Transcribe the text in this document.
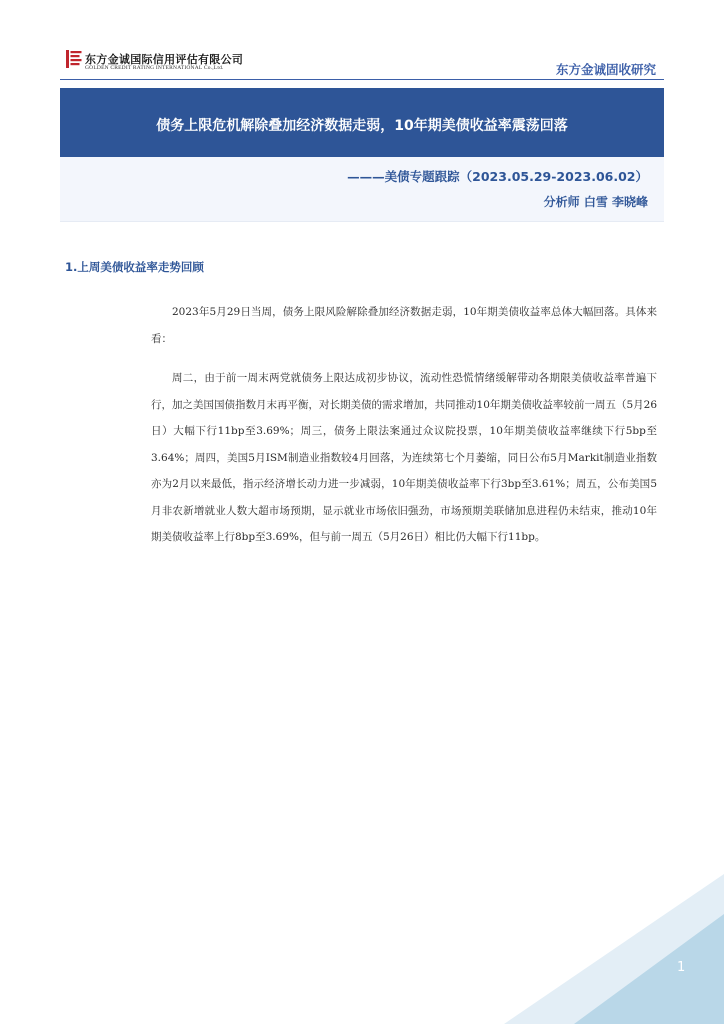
东方金诚国际信用评估有限公司
GOLDEN CREDIT RATING INTERNATIONAL Co.,Ltd.	东方金诚固收研究
债务上限危机解除叠加经济数据走弱，10年期美债收益率震荡回落
———美债专题跟踪（2023.05.29-2023.06.02）
分析师 白雪 李晓峰
1.上周美债收益率走势回顾
2023年5月29日当周，债务上限风险解除叠加经济数据走弱，10年期美债收益率总体大幅回落。具体来看：
周二，由于前一周末两党就债务上限达成初步协议，流动性恐慌情绪缓解带动各期限美债收益率普遍下行，加之美国国债指数月末再平衡，对长期美债的需求增加，共同推动10年期美债收益率较前一周五（5月26日）大幅下行11bp至3.69%；周三，债务上限法案通过众议院投票，10年期美债收益率继续下行5bp至3.64%；周四，美国5月ISM制造业指数较4月回落，为连续第七个月萎缩，同日公布5月Markit制造业指数亦为2月以来最低，指示经济增长动力进一步减弱，10年期美债收益率下行3bp至3.61%；周五，公布美国5月非农新增就业人数大超市场预期，显示就业市场依旧强劲，市场预期美联储加息进程仍未结束，推动10年期美债收益率上行8bp至3.69%，但与前一周五（5月26日）相比仍大幅下行11bp。
1
